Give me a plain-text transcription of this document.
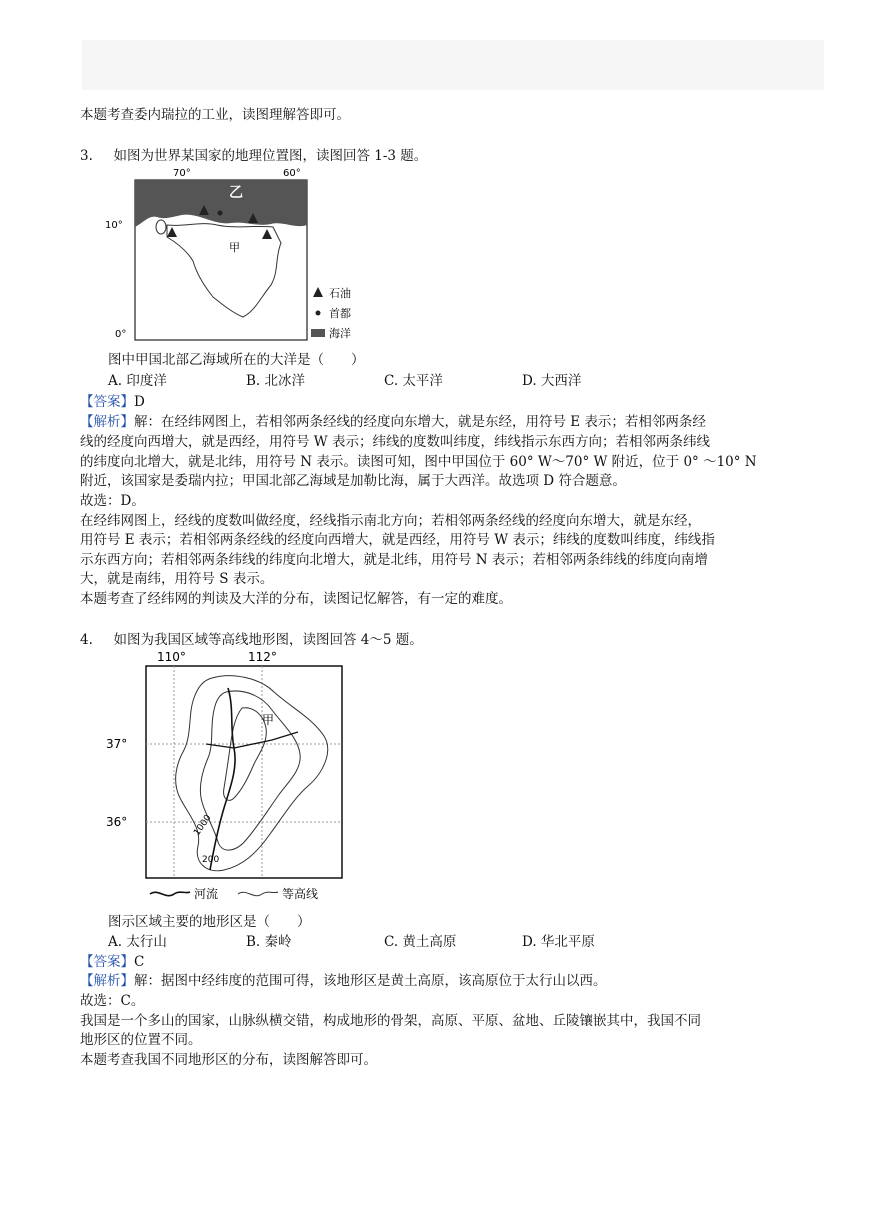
本题考查委内瑞拉的工业，读图理解答即可。
3. 如图为世界某国家的地理位置图，读图回答 1-3 题。
70°	60°
10°
0°
乙
甲
石油
首都
海洋
图中甲国北部乙海域所在的大洋是（　　）
A. 印度洋	B. 北冰洋	C. 太平洋	D. 大西洋
【答案】D
【解析】解：在经纬网图上，若相邻两条经线的经度向东增大，就是东经，用符号 E 表示；若相邻两条经
线的经度向西增大，就是西经，用符号 W 表示；纬线的度数叫纬度，纬线指示东西方向；若相邻两条纬线
的纬度向北增大，就是北纬，用符号 N 表示。读图可知，图中甲国位于 60° W～70° W 附近，位于 0° ～10° N
附近，该国家是委瑞内拉；甲国北部乙海域是加勒比海，属于大西洋。故选项 D 符合题意。
故选：D。
在经纬网图上，经线的度数叫做经度，经线指示南北方向；若相邻两条经线的经度向东增大，就是东经，
用符号 E 表示；若相邻两条经线的经度向西增大，就是西经，用符号 W 表示；纬线的度数叫纬度，纬线指
示东西方向；若相邻两条纬线的纬度向北增大，就是北纬，用符号 N 表示；若相邻两条纬线的纬度向南增
大，就是南纬，用符号 S 表示。
本题考查了经纬网的判读及大洋的分布，读图记忆解答，有一定的难度。
4. 如图为我国区域等高线地形图，读图回答 4～5 题。
110°	112°
37°
36°
甲
1000
200
河流	等高线
图示区域主要的地形区是（　　）
A. 太行山	B. 秦岭	C. 黄土高原	D. 华北平原
【答案】C
【解析】解：据图中经纬度的范围可得，该地形区是黄土高原，该高原位于太行山以西。
故选：C。
我国是一个多山的国家，山脉纵横交错，构成地形的骨架，高原、平原、盆地、丘陵镶嵌其中，我国不同
地形区的位置不同。
本题考查我国不同地形区的分布，读图解答即可。
